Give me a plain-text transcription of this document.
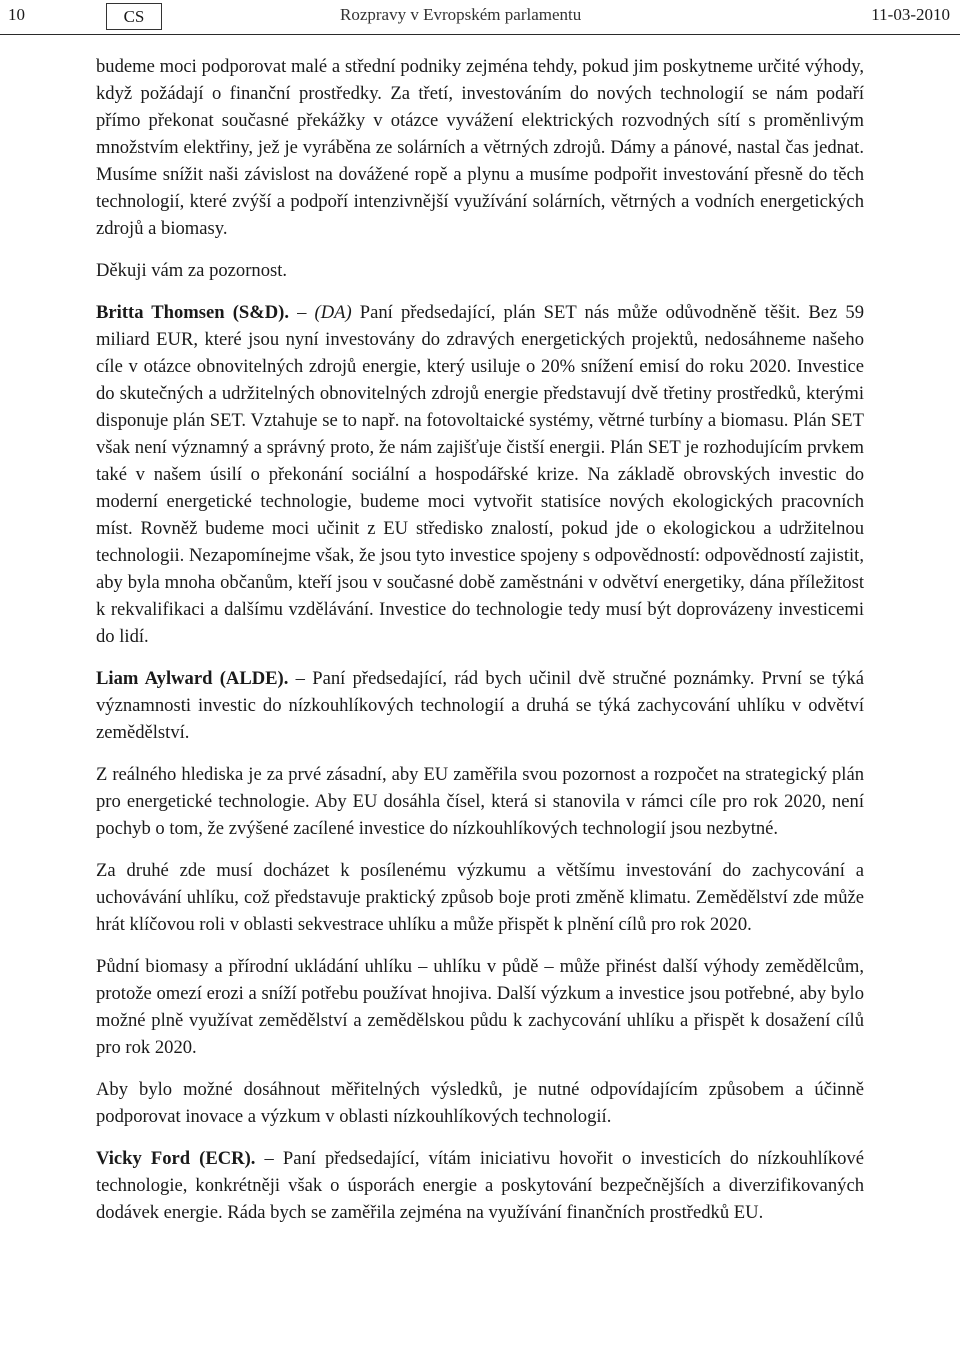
10	CS	Rozpravy v Evropském parlamentu	11-03-2010

budeme moci podporovat malé a střední podniky zejména tehdy, pokud jim poskytneme určité výhody, když požádají o finanční prostředky. Za třetí, investováním do nových technologií se nám podaří přímo překonat současné překážky v otázce vyvážení elektrických rozvodných sítí s proměnlivým množstvím elektřiny, jež je vyráběna ze solárních a větrných zdrojů. Dámy a pánové, nastal čas jednat. Musíme snížit naši závislost na dovážené ropě a plynu a musíme podpořit investování přesně do těch technologií, které zvýší a podpoří intenzivnější využívání solárních, větrných a vodních energetických zdrojů a biomasy.

Děkuji vám za pozornost.

Britta Thomsen (S&D). – (DA) Paní předsedající, plán SET nás může odůvodněně těšit. Bez 59 miliard EUR, které jsou nyní investovány do zdravých energetických projektů, nedosáhneme našeho cíle v otázce obnovitelných zdrojů energie, který usiluje o 20% snížení emisí do roku 2020. Investice do skutečných a udržitelných obnovitelných zdrojů energie představují dvě třetiny prostředků, kterými disponuje plán SET. Vztahuje se to např. na fotovoltaické systémy, větrné turbíny a biomasu. Plán SET však není významný a správný proto, že nám zajišťuje čistší energii. Plán SET je rozhodujícím prvkem také v našem úsilí o překonání sociální a hospodářské krize. Na základě obrovských investic do moderní energetické technologie, budeme moci vytvořit statisíce nových ekologických pracovních míst. Rovněž budeme moci učinit z EU středisko znalostí, pokud jde o ekologickou a udržitelnou technologii. Nezapomínejme však, že jsou tyto investice spojeny s odpovědností: odpovědností zajistit, aby byla mnoha občanům, kteří jsou v současné době zaměstnáni v odvětví energetiky, dána příležitost k rekvalifikaci a dalšímu vzdělávání. Investice do technologie tedy musí být doprovázeny investicemi do lidí.

Liam Aylward (ALDE). – Paní předsedající, rád bych učinil dvě stručné poznámky. První se týká významnosti investic do nízkouhlíkových technologií a druhá se týká zachycování uhlíku v odvětví zemědělství.

Z reálného hlediska je za prvé zásadní, aby EU zaměřila svou pozornost a rozpočet na strategický plán pro energetické technologie. Aby EU dosáhla čísel, která si stanovila v rámci cíle pro rok 2020, není pochyb o tom, že zvýšené zacílené investice do nízkouhlíkových technologií jsou nezbytné.

Za druhé zde musí docházet k posílenému výzkumu a většímu investování do zachycování a uchovávání uhlíku, což představuje praktický způsob boje proti změně klimatu. Zemědělství zde může hrát klíčovou roli v oblasti sekvestrace uhlíku a může přispět k plnění cílů pro rok 2020.

Půdní biomasy a přírodní ukládání uhlíku – uhlíku v půdě – může přinést další výhody zemědělcům, protože omezí erozi a sníží potřebu používat hnojiva. Další výzkum a investice jsou potřebné, aby bylo možné plně využívat zemědělství a zemědělskou půdu k zachycování uhlíku a přispět k dosažení cílů pro rok 2020.

Aby bylo možné dosáhnout měřitelných výsledků, je nutné odpovídajícím způsobem a účinně podporovat inovace a výzkum v oblasti nízkouhlíkových technologií.

Vicky Ford (ECR). – Paní předsedající, vítám iniciativu hovořit o investicích do nízkouhlíkové technologie, konkrétněji však o úsporách energie a poskytování bezpečnějších a diverzifikovaných dodávek energie. Ráda bych se zaměřila zejména na využívání finančních prostředků EU.
